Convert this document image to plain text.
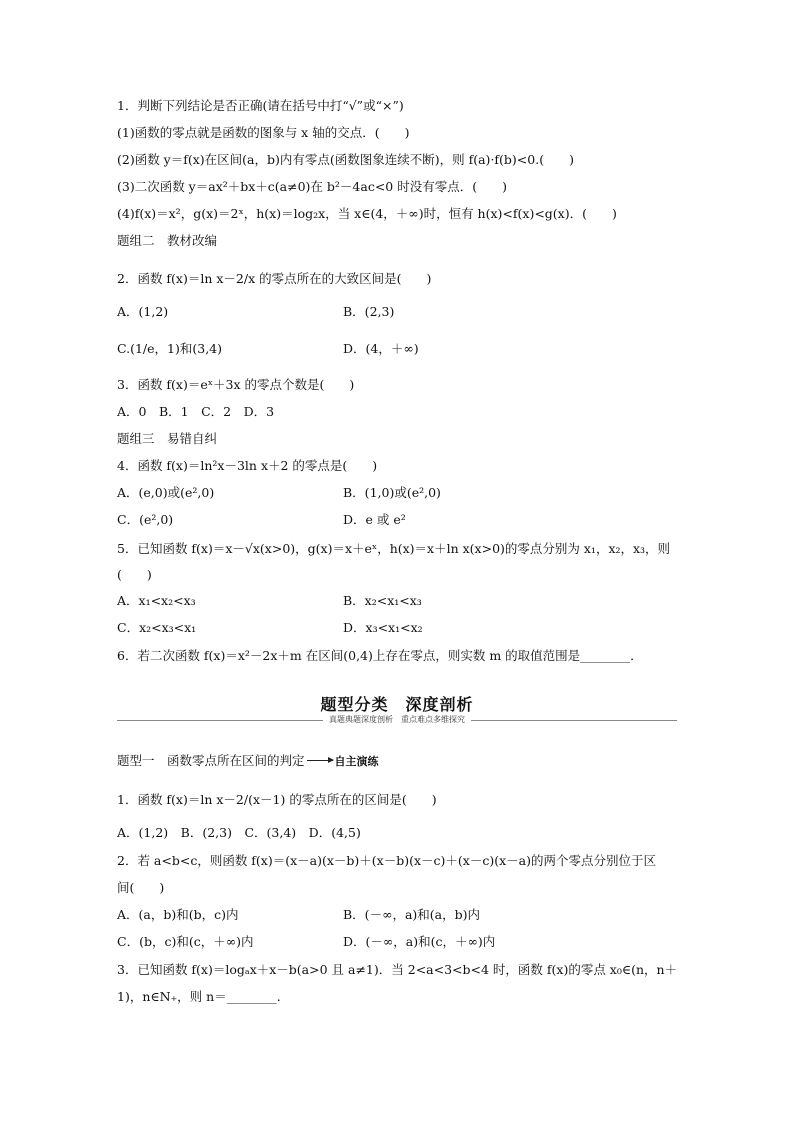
1．判断下列结论是否正确(请在括号中打“√”或“×”)
(1)函数的零点就是函数的图象与 x 轴的交点．(　　)
(2)函数 y＝f(x)在区间(a，b)内有零点(函数图象连续不断)，则 f(a)·f(b)<0.(　　)
(3)二次函数 y＝ax²＋bx＋c(a≠0)在 b²－4ac<0 时没有零点．(　　)
(4)f(x)＝x²，g(x)＝2ˣ，h(x)＝log₂x，当 x∈(4，＋∞)时，恒有 h(x)<f(x)<g(x)．(　　)
题组二　教材改编
2．函数 f(x)＝ln x－2/x 的零点所在的大致区间是(　　)
A．(1,2)	B．(2,3)
C.(1/e，1)和(3,4)	D．(4，＋∞)
3．函数 f(x)＝eˣ＋3x 的零点个数是(　　)
A．0　B．1　C．2　D．3
题组三　易错自纠
4．函数 f(x)＝ln²x－3ln x＋2 的零点是(　　)
A．(e,0)或(e²,0)	B．(1,0)或(e²,0)
C．(e²,0)	D．e 或 e²
5．已知函数 f(x)＝x－√x(x>0)，g(x)＝x＋eˣ，h(x)＝x＋ln x(x>0)的零点分别为 x₁，x₂，x₃，则
(　　)
A．x₁<x₂<x₃	B．x₂<x₁<x₃
C．x₂<x₃<x₁	D．x₃<x₁<x₂
6．若二次函数 f(x)＝x²－2x＋m 在区间(0,4)上存在零点，则实数 m 的取值范围是________．
题型分类　深度剖析
真题典题深度剖析　重点难点多维探究
题型一　函数零点所在区间的判定	自主演练
1．函数 f(x)＝ln x－2/(x－1) 的零点所在的区间是(　　)
A．(1,2)　B．(2,3)　C．(3,4)　D．(4,5)
2．若 a<b<c，则函数 f(x)＝(x－a)(x－b)＋(x－b)(x－c)＋(x－c)(x－a)的两个零点分别位于区
间(　　)
A．(a，b)和(b，c)内	B．(－∞，a)和(a，b)内
C．(b，c)和(c，＋∞)内	D．(－∞，a)和(c，＋∞)内
3．已知函数 f(x)＝logₐx＋x－b(a>0 且 a≠1)．当 2<a<3<b<4 时，函数 f(x)的零点 x₀∈(n，n＋
1)，n∈N₊，则 n＝________.
